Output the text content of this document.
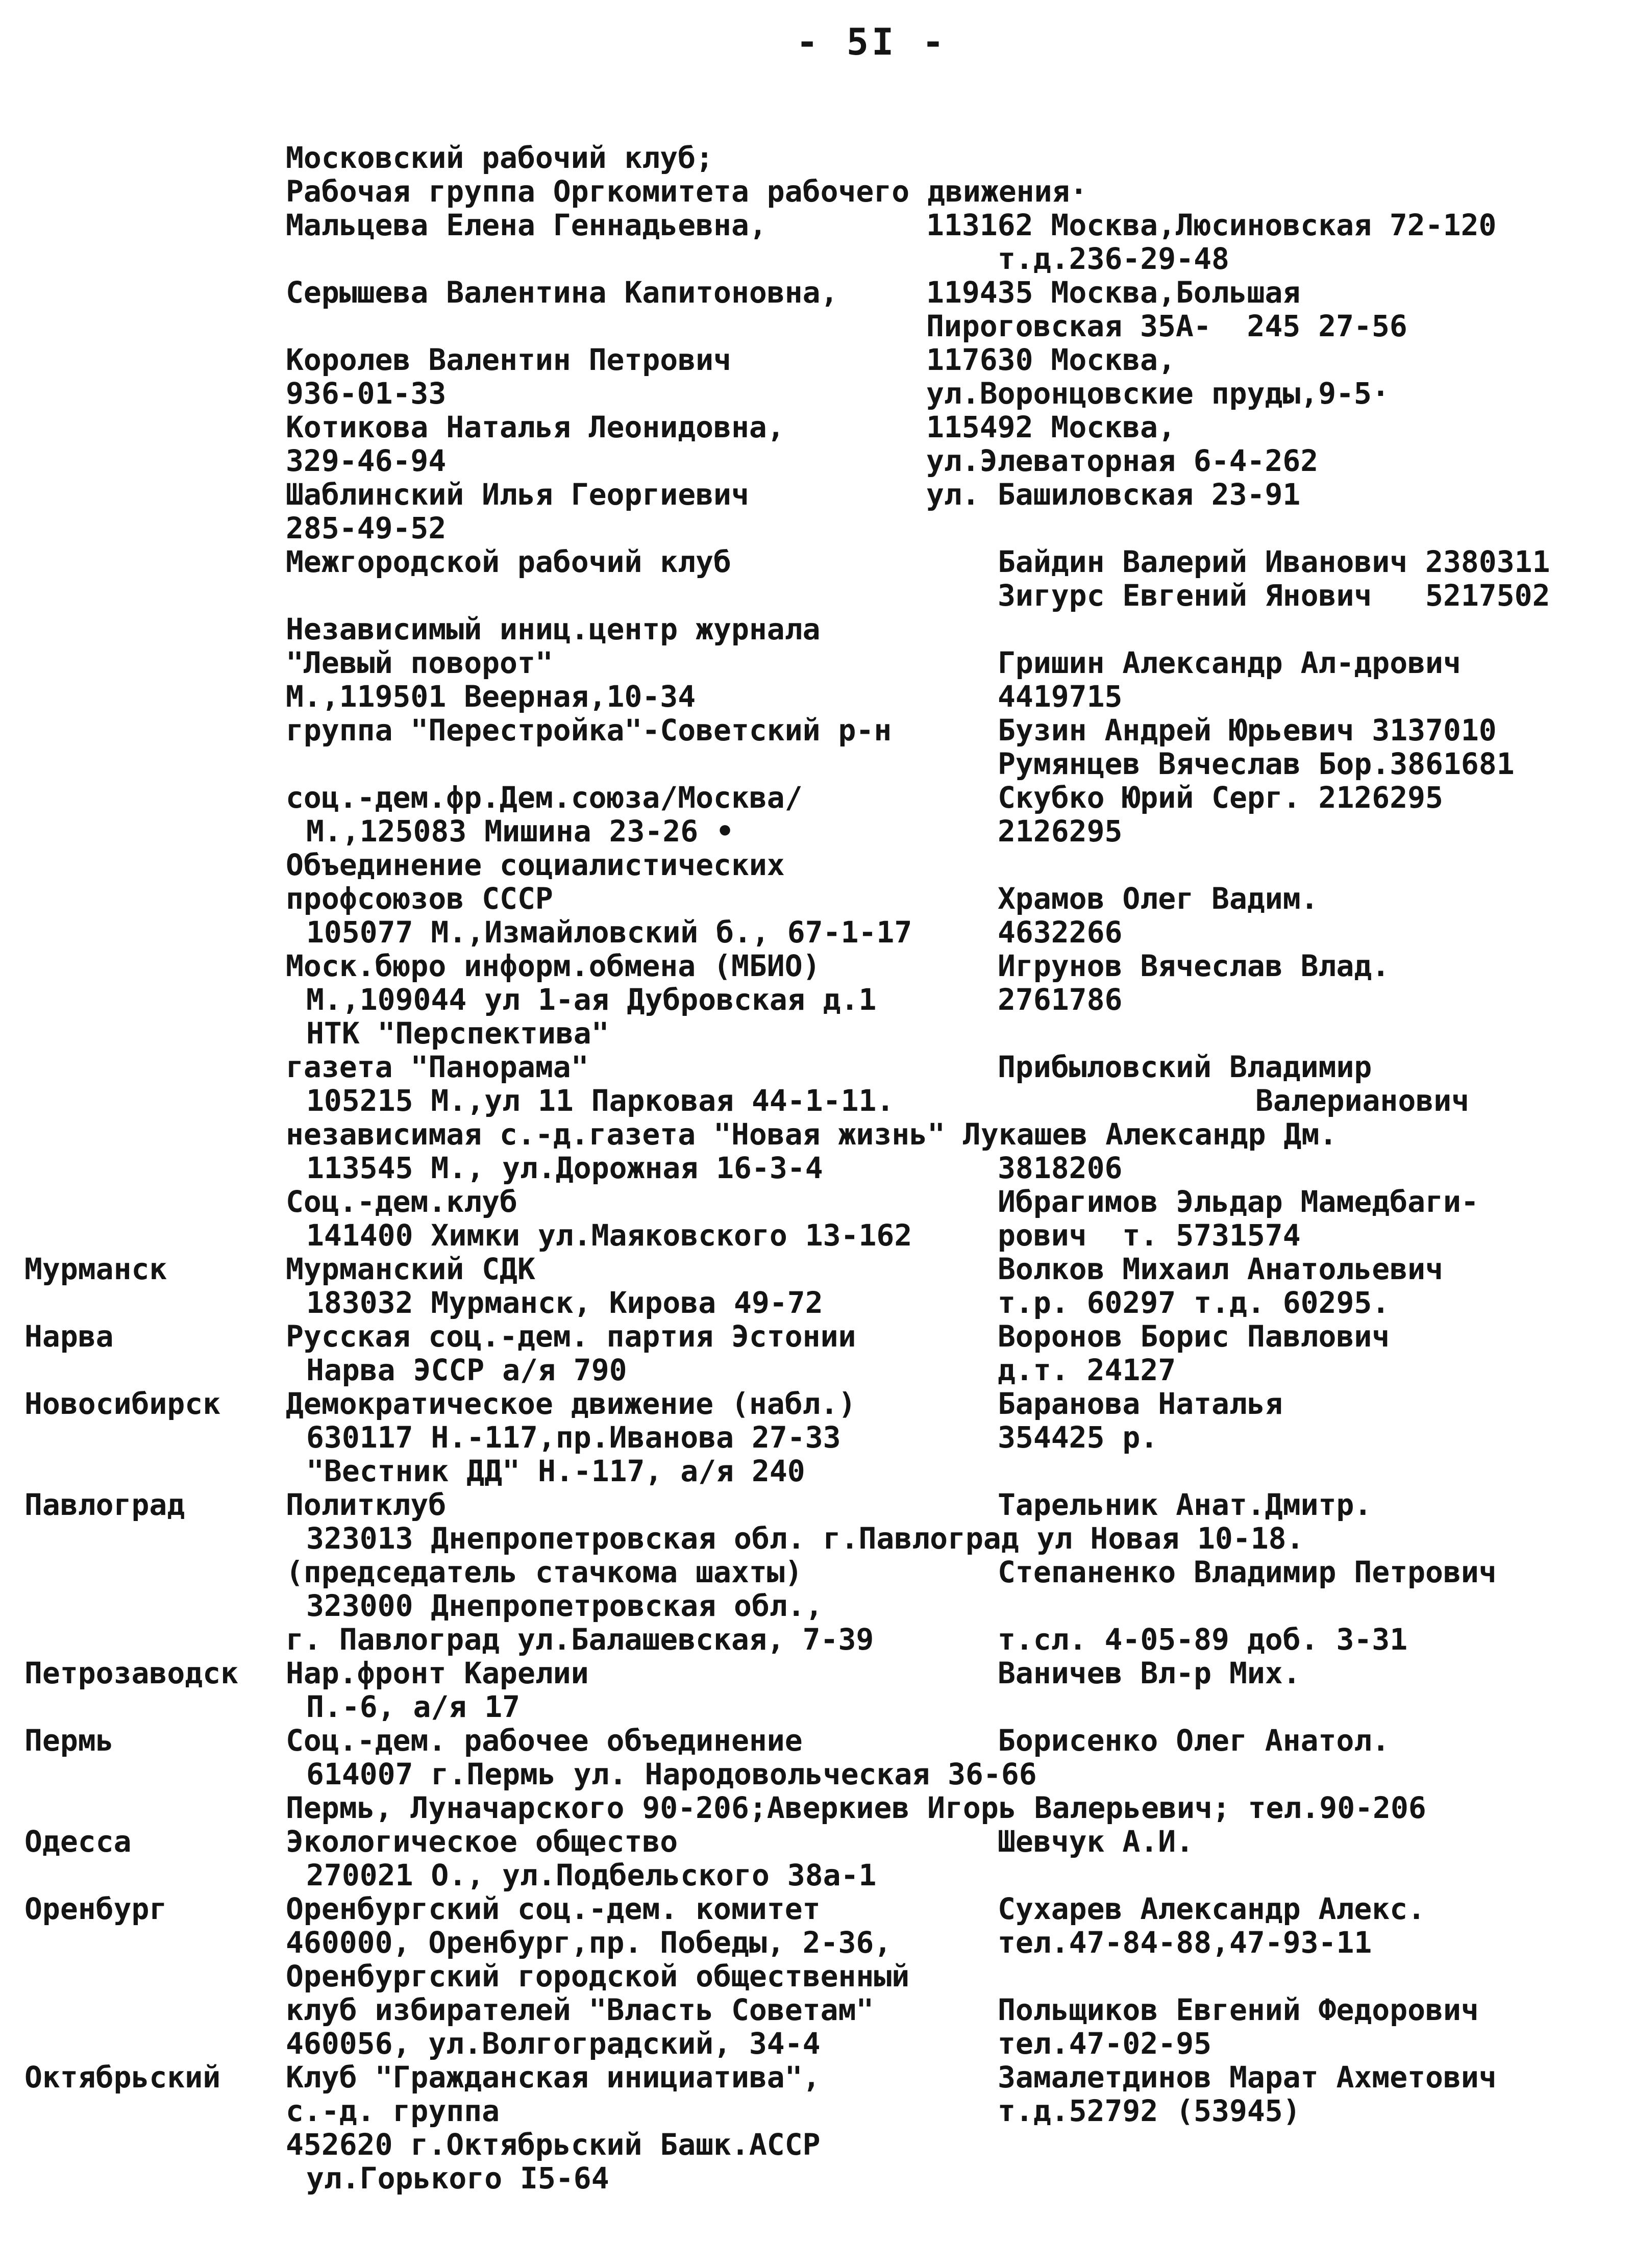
- 5I -
Московский рабочий клуб;
Рабочая группа Оргкомитета рабочего движения·
Мальцева Елена Геннадьевна,	113162 Москва,Люсиновская 72-120
т.д.236-29-48
Серышева Валентина Капитоновна,	119435 Москва,Большая
Пироговская 35А-  245 27-56
Королев Валентин Петрович	117630 Москва,
936-01-33	ул.Воронцовские пруды,9-5·
Котикова Наталья Леонидовна,	115492 Москва,
329-46-94	ул.Элеваторная 6-4-262
Шаблинский Илья Георгиевич	ул. Башиловская 23-91
285-49-52
Межгородской рабочий клуб	Байдин Валерий Иванович 2380311
Зигурс Евгений Янович   5217502
Независимый иниц.центр журнала
"Левый поворот"	Гришин Александр Ал-дрович
М.,119501 Веерная,10-34	4419715
группа "Перестройка"-Советский р-н	Бузин Андрей Юрьевич 3137010
Румянцев Вячеслав Бор.3861681
соц.-дем.фр.Дем.союза/Москва/	Скубко Юрий Серг. 2126295
М.,125083 Мишина 23-26 •	2126295
Объединение социалистических
профсоюзов СССР	Храмов Олег Вадим.
105077 М.,Измайловский б., 67-1-17	4632266
Моск.бюро информ.обмена (МБИО)	Игрунов Вячеслав Влад.
М.,109044 ул 1-ая Дубровская д.1	2761786
НТК "Перспектива"
газета "Панорама"	Прибыловский Владимир
105215 М.,ул 11 Парковая 44-1-11.	Валерианович
независимая с.-д.газета "Новая жизнь" Лукашев Александр Дм.
113545 М., ул.Дорожная 16-3-4	3818206
Соц.-дем.клуб	Ибрагимов Эльдар Мамедбаги-
141400 Химки ул.Маяковского 13-162	рович  т. 5731574
Мурманск	Мурманский СДК	Волков Михаил Анатольевич
183032 Мурманск, Кирова 49-72	т.р. 60297 т.д. 60295.
Нарва	Русская соц.-дем. партия Эстонии	Воронов Борис Павлович
Нарва ЭССР а/я 790	д.т. 24127
Новосибирск Демократическое движение (набл.)	Баранова Наталья
630117 Н.-117,пр.Иванова 27-33	354425 р.
"Вестник ДД" Н.-117, а/я 240
Павлоград	Политклуб	Тарельник Анат.Дмитр.
323013 Днепропетровская обл. г.Павлоград ул Новая 10-18.
(председатель стачкома шахты)	Степаненко Владимир Петрович
323000 Днепропетровская обл.,
г. Павлоград ул.Балашевская, 7-39	т.сл. 4-05-89 доб. 3-31
Петрозаводск Нар.фронт Карелии	Ваничев Вл-р Мих.
П.-6, а/я 17
Пермь	Соц.-дем. рабочее объединение	Борисенко Олег Анатол.
614007 г.Пермь ул. Народовольческая 36-66
Пермь, Луначарского 90-206;Аверкиев Игорь Валерьевич; тел.90-206
Одесса	Экологическое общество	Шевчук А.И.
270021 О., ул.Подбельского 38а-1
Оренбург	Оренбургский соц.-дем. комитет	Сухарев Александр Алекс.
460000, Оренбург,пр. Победы, 2-36,	тел.47-84-88,47-93-11
Оренбургский городской общественный
клуб избирателей "Власть Советам"	Польщиков Евгений Федорович
460056, ул.Волгоградский, 34-4	тел.47-02-95
Октябрьский Клуб "Гражданская инициатива",	Замалетдинов Марат Ахметович
с.-д. группа	т.д.52792 (53945)
452620 г.Октябрьский Башк.АССР
ул.Горького I5-64
